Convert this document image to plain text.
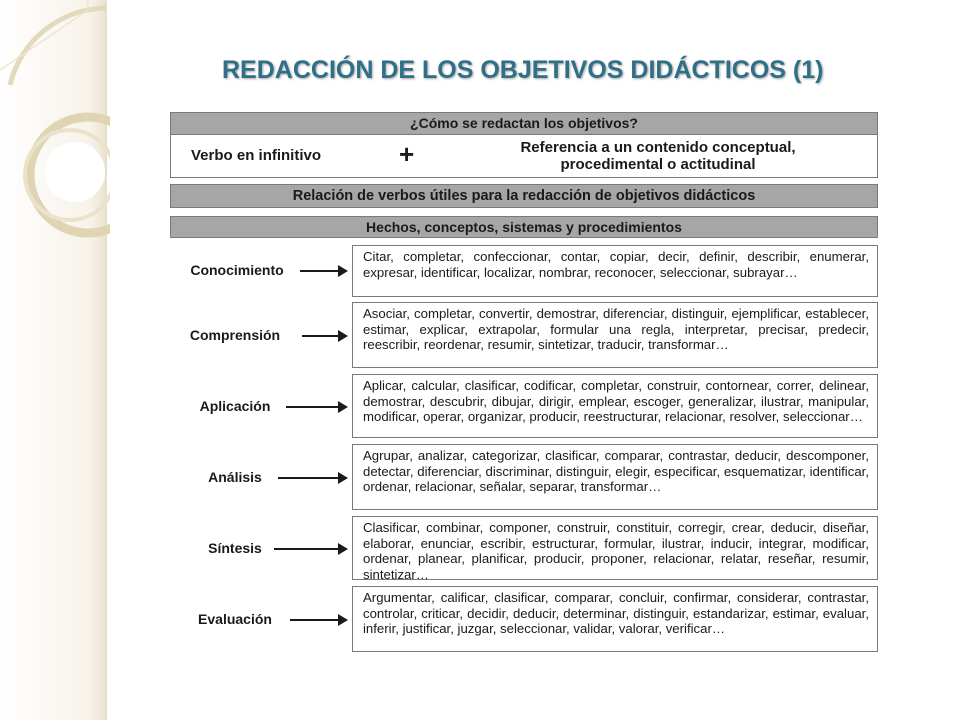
REDACCIÓN DE LOS OBJETIVOS DIDÁCTICOS (1)
¿Cómo se redactan los objetivos?
Verbo en infinitivo	+	Referencia a un contenido conceptual,
procedimental o actitudinal
Relación de verbos útiles para la redacción de objetivos didácticos
Hechos, conceptos, sistemas y procedimientos
Conocimiento
Citar, completar, confeccionar, contar, copiar, decir, definir, describir, enumerar, expresar, identificar, localizar, nombrar, reconocer, seleccionar, subrayar…
Comprensión
Asociar, completar, convertir, demostrar, diferenciar, distinguir, ejemplificar, establecer, estimar, explicar, extrapolar, formular una regla, interpretar, precisar, predecir, reescribir, reordenar, resumir, sintetizar, traducir, transformar…
Aplicación
Aplicar, calcular, clasificar, codificar, completar, construir, contornear, correr, delinear, demostrar, descubrir, dibujar, dirigir, emplear, escoger, generalizar, ilustrar, manipular, modificar, operar, organizar, producir, reestructurar, relacionar, resolver, seleccionar…
Análisis
Agrupar, analizar, categorizar, clasificar, comparar, contrastar, deducir, descomponer, detectar, diferenciar, discriminar, distinguir, elegir, especificar, esquematizar, identificar, ordenar, relacionar, señalar, separar, transformar…
Síntesis
Clasificar, combinar, componer, construir, constituir, corregir, crear, deducir, diseñar, elaborar, enunciar, escribir, estructurar, formular, ilustrar, inducir, integrar, modificar, ordenar, planear, planificar, producir, proponer, relacionar, relatar, reseñar, resumir, sintetizar…
Evaluación
Argumentar, calificar, clasificar, comparar, concluir, confirmar, considerar, contrastar, controlar, criticar, decidir, deducir, determinar, distinguir, estandarizar, estimar, evaluar, inferir, justificar, juzgar, seleccionar, validar, valorar, verificar…
